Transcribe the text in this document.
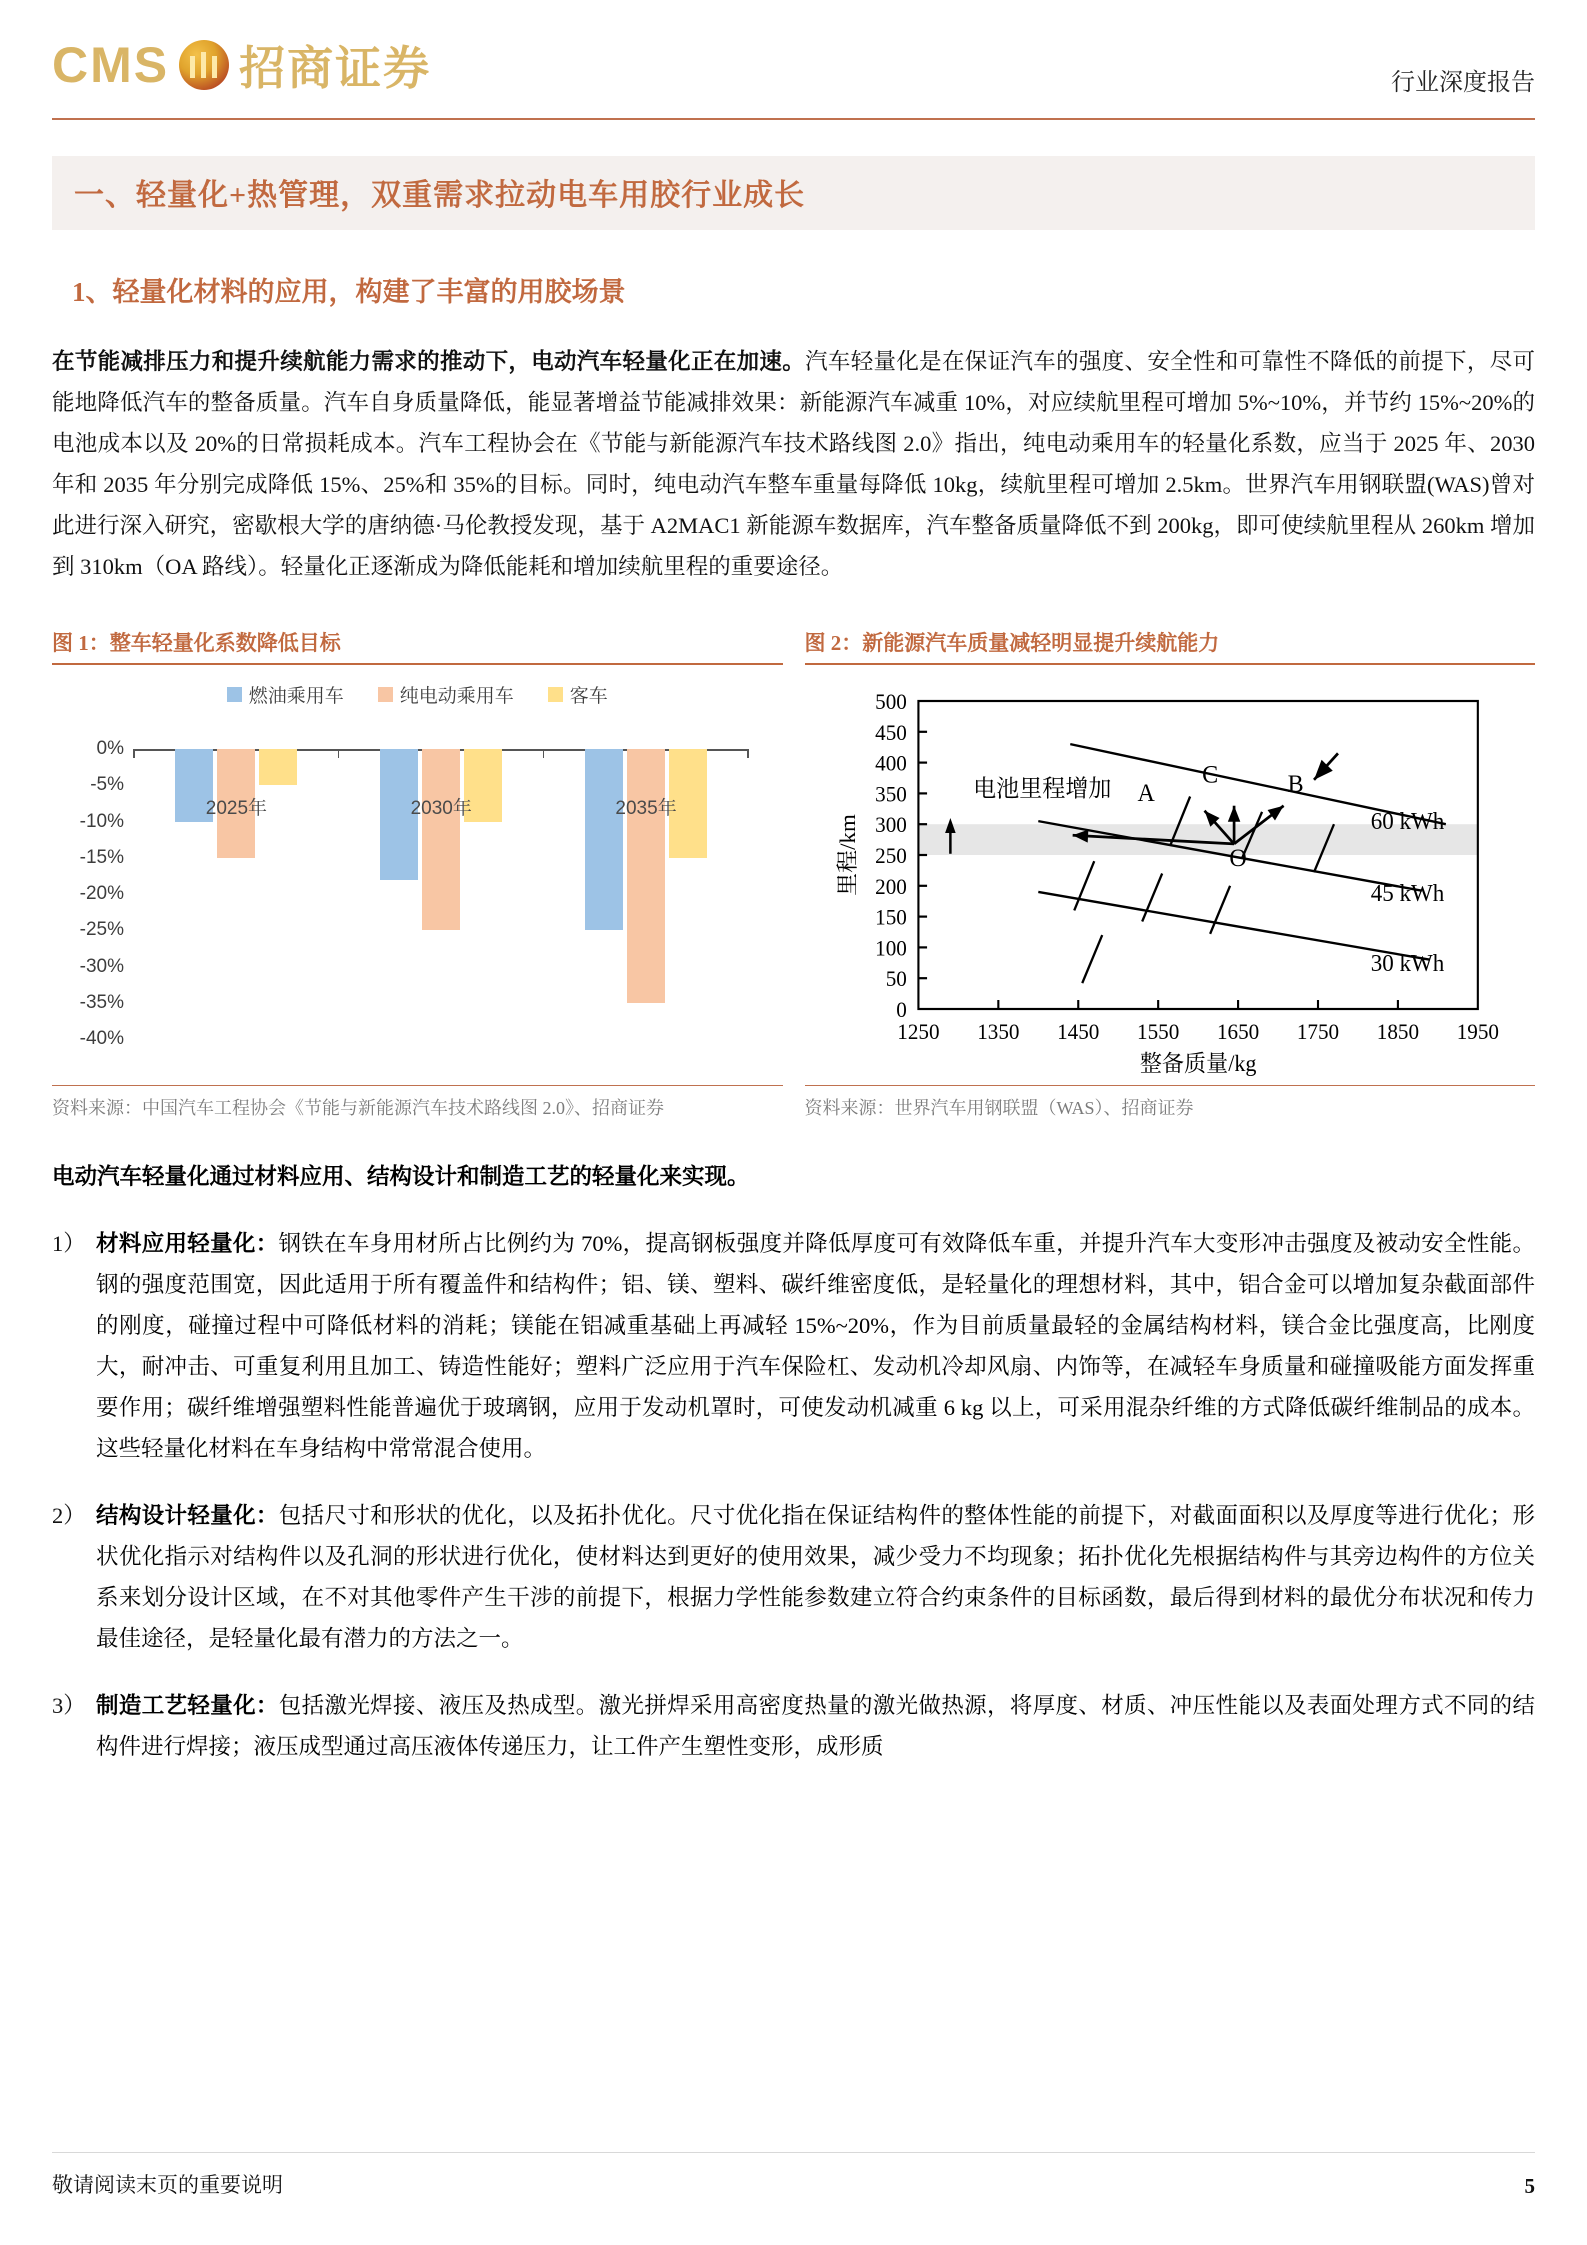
CMS 招商证券	行业深度报告
一、轻量化+热管理，双重需求拉动电车用胶行业成长
1、轻量化材料的应用，构建了丰富的用胶场景
在节能减排压力和提升续航能力需求的推动下，电动汽车轻量化正在加速。汽车轻量化是在保证汽车的强度、安全性和可靠性不降低的前提下，尽可能地降低汽车的整备质量。汽车自身质量降低，能显著增益节能减排效果：新能源汽车减重 10%，对应续航里程可增加 5%~10%，并节约 15%~20%的电池成本以及 20%的日常损耗成本。汽车工程协会在《节能与新能源汽车技术路线图 2.0》指出，纯电动乘用车的轻量化系数，应当于 2025 年、2030 年和 2035 年分别完成降低 15%、25%和 35%的目标。同时，纯电动汽车整车重量每降低 10kg，续航里程可增加 2.5km。世界汽车用钢联盟(WAS)曾对此进行深入研究，密歇根大学的唐纳德·马伦教授发现，基于 A2MAC1 新能源车数据库，汽车整备质量降低不到 200kg，即可使续航里程从 260km 增加到 310km（OA 路线）。轻量化正逐渐成为降低能耗和增加续航里程的重要途径。
图 1：整车轻量化系数降低目标
燃油乘用车	纯电动乘用车	客车
0%
-5%
-10%
-15%
-20%
-25%
-30%
-35%
-40%
2025年	2030年	2035年
资料来源：中国汽车工程协会《节能与新能源汽车技术路线图 2.0》、招商证券
图 2：新能源汽车质量减轻明显提升续航能力
0
50
100
150
200
250
300
350
400
450
500
1250 1350 1450 1550 1650 1750 1850 1950
整备质量/kg
里程/km
电池里程增加 A
C	B
O
60 kWh
45 kWh
30 kWh
资料来源：世界汽车用钢联盟（WAS）、招商证券
电动汽车轻量化通过材料应用、结构设计和制造工艺的轻量化来实现。
1） 材料应用轻量化：钢铁在车身用材所占比例约为 70%，提高钢板强度并降低厚度可有效降低车重，并提升汽车大变形冲击强度及被动安全性能。钢的强度范围宽，因此适用于所有覆盖件和结构件；铝、镁、塑料、碳纤维密度低，是轻量化的理想材料，其中，铝合金可以增加复杂截面部件的刚度，碰撞过程中可降低材料的消耗；镁能在铝减重基础上再减轻 15%~20%，作为目前质量最轻的金属结构材料，镁合金比强度高，比刚度大，耐冲击、可重复利用且加工、铸造性能好；塑料广泛应用于汽车保险杠、发动机冷却风扇、内饰等，在减轻车身质量和碰撞吸能方面发挥重要作用；碳纤维增强塑料性能普遍优于玻璃钢，应用于发动机罩时，可使发动机减重 6 kg 以上，可采用混杂纤维的方式降低碳纤维制品的成本。这些轻量化材料在车身结构中常常混合使用。
2） 结构设计轻量化：包括尺寸和形状的优化，以及拓扑优化。尺寸优化指在保证结构件的整体性能的前提下，对截面面积以及厚度等进行优化；形状优化指示对结构件以及孔洞的形状进行优化，使材料达到更好的使用效果，减少受力不均现象；拓扑优化先根据结构件与其旁边构件的方位关系来划分设计区域，在不对其他零件产生干涉的前提下，根据力学性能参数建立符合约束条件的目标函数，最后得到材料的最优分布状况和传力最佳途径，是轻量化最有潜力的方法之一。
3） 制造工艺轻量化：包括激光焊接、液压及热成型。激光拼焊采用高密度热量的激光做热源，将厚度、材质、冲压性能以及表面处理方式不同的结构件进行焊接；液压成型通过高压液体传递压力，让工件产生塑性变形，成形质
敬请阅读末页的重要说明	5
